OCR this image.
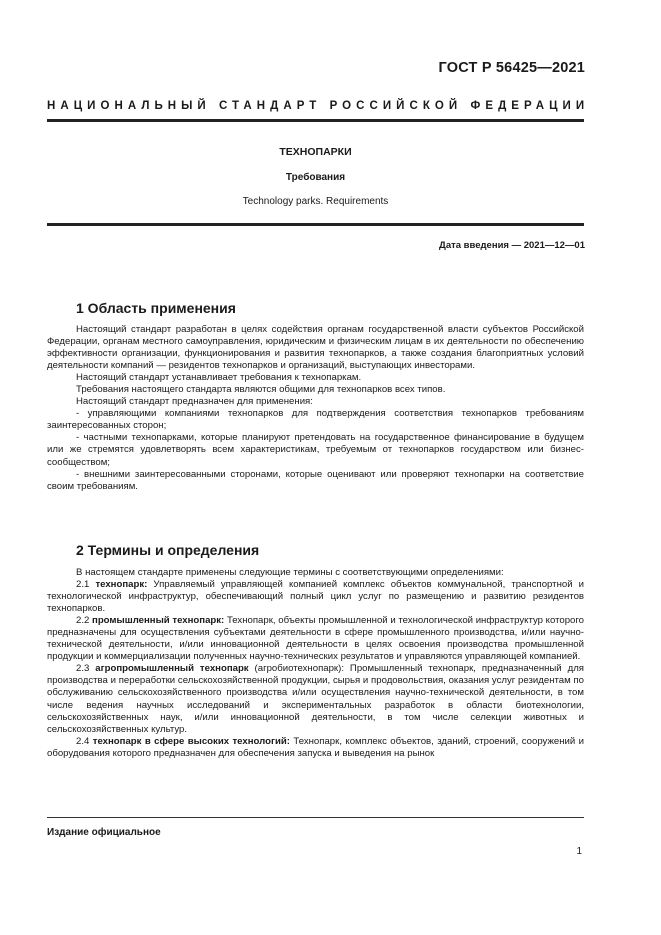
ГОСТ Р 56425—2021
НАЦИОНАЛЬНЫЙ СТАНДАРТ РОССИЙСКОЙ ФЕДЕРАЦИИ
ТЕХНОПАРКИ
Требования
Technology parks. Requirements
Дата введения — 2021—12—01
1 Область применения

Настоящий стандарт разработан в целях содействия органам государственной власти субъектов Российской Федерации, органам местного самоуправления, юридическим и физическим лицам в их деятельности по обеспечению эффективности организации, функционирования и развития технопарков, а также создания благоприятных условий деятельности компаний — резидентов технопарков и организаций, выступающих инвесторами.

Настоящий стандарт устанавливает требования к технопаркам.

Требования настоящего стандарта являются общими для технопарков всех типов.

Настоящий стандарт предназначен для применения:

- управляющими компаниями технопарков для подтверждения соответствия технопарков требованиям заинтересованных сторон;

- частными технопарками, которые планируют претендовать на государственное финансирование в будущем или же стремятся удовлетворять всем характеристикам, требуемым от технопарков государством или бизнес-сообществом;

- внешними заинтересованными сторонами, которые оценивают или проверяют технопарки на соответствие своим требованиям.

2 Термины и определения

В настоящем стандарте применены следующие термины с соответствующими определениями:

2.1 технопарк: Управляемый управляющей компанией комплекс объектов коммунальной, транспортной и технологической инфраструктур, обеспечивающий полный цикл услуг по размещению и развитию резидентов технопарков.

2.2 промышленный технопарк: Технопарк, объекты промышленной и технологической инфраструктур которого предназначены для осуществления субъектами деятельности в сфере промышленного производства, и/или научно-технической деятельности, и/или инновационной деятельности в целях освоения производства промышленной продукции и коммерциализации полученных научно-технических результатов и управляются управляющей компанией.

2.3 агропромышленный технопарк (агробиотехнопарк): Промышленный технопарк, предназначенный для производства и переработки сельскохозяйственной продукции, сырья и продовольствия, оказания услуг резидентам по обслуживанию сельскохозяйственного производства и/или осуществления научно-технической деятельности, в том числе ведения научных исследований и экспериментальных разработок в области биотехнологии, сельскохозяйственных наук, и/или инновационной деятельности, в том числе селекции животных и сельскохозяйственных культур.

2.4 технопарк в сфере высоких технологий: Технопарк, комплекс объектов, зданий, строений, сооружений и оборудования которого предназначен для обеспечения запуска и выведения на рынок

Издание официальное
1
